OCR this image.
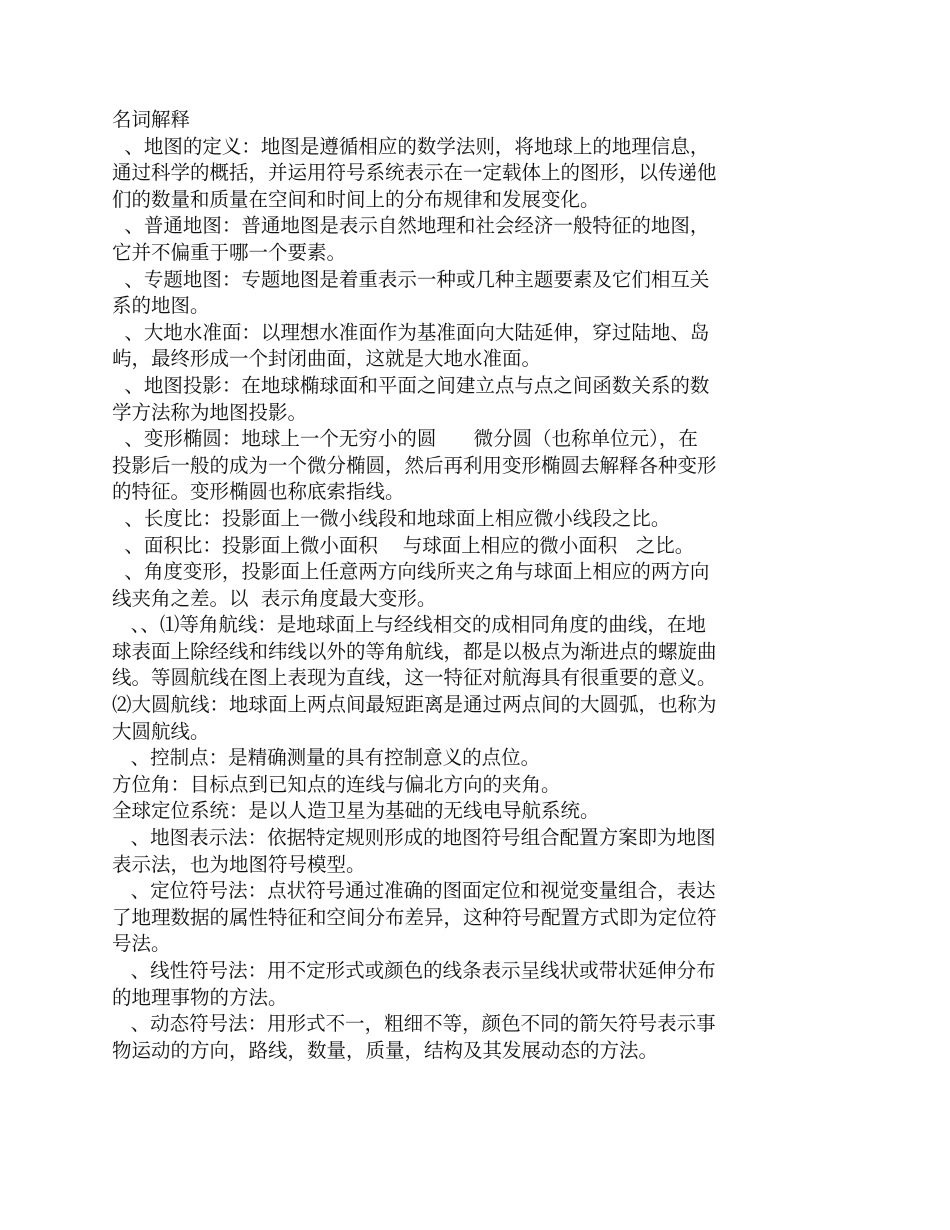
名词解释
、地图的定义：地图是遵循相应的数学法则，将地球上的地理信息，
通过科学的概括，并运用符号系统表示在一定载体上的图形，以传递他
们的数量和质量在空间和时间上的分布规律和发展变化。
、普通地图：普通地图是表示自然地理和社会经济一般特征的地图，
它并不偏重于哪一个要素。
、专题地图：专题地图是着重表示一种或几种主题要素及它们相互关
系的地图。
、大地水准面：以理想水准面作为基准面向大陆延伸，穿过陆地、岛
屿，最终形成一个封闭曲面，这就是大地水准面。
、地图投影：在地球椭球面和平面之间建立点与点之间函数关系的数
学方法称为地图投影。
、变形椭圆：地球上一个无穷小的圆      微分圆（也称单位元），在
投影后一般的成为一个微分椭圆，然后再利用变形椭圆去解释各种变形
的特征。变形椭圆也称底索指线。
、长度比：投影面上一微小线段和地球面上相应微小线段之比。
、面积比：投影面上微小面积    与球面上相应的微小面积   之比。
、角度变形，投影面上任意两方向线所夹之角与球面上相应的两方向
线夹角之差。以  表示角度最大变形。
、、⑴等角航线：是地球面上与经线相交的成相同角度的曲线，在地
球表面上除经线和纬线以外的等角航线，都是以极点为渐进点的螺旋曲
线。等圆航线在图上表现为直线，这一特征对航海具有很重要的意义。
⑵大圆航线：地球面上两点间最短距离是通过两点间的大圆弧，也称为
大圆航线。
、控制点：是精确测量的具有控制意义的点位。
方位角：目标点到已知点的连线与偏北方向的夹角。
全球定位系统：是以人造卫星为基础的无线电导航系统。
、地图表示法：依据特定规则形成的地图符号组合配置方案即为地图
表示法，也为地图符号模型。
、定位符号法：点状符号通过准确的图面定位和视觉变量组合，表达
了地理数据的属性特征和空间分布差异，这种符号配置方式即为定位符
号法。
、线性符号法：用不定形式或颜色的线条表示呈线状或带状延伸分布
的地理事物的方法。
、动态符号法：用形式不一，粗细不等，颜色不同的箭矢符号表示事
物运动的方向，路线，数量，质量，结构及其发展动态的方法。
